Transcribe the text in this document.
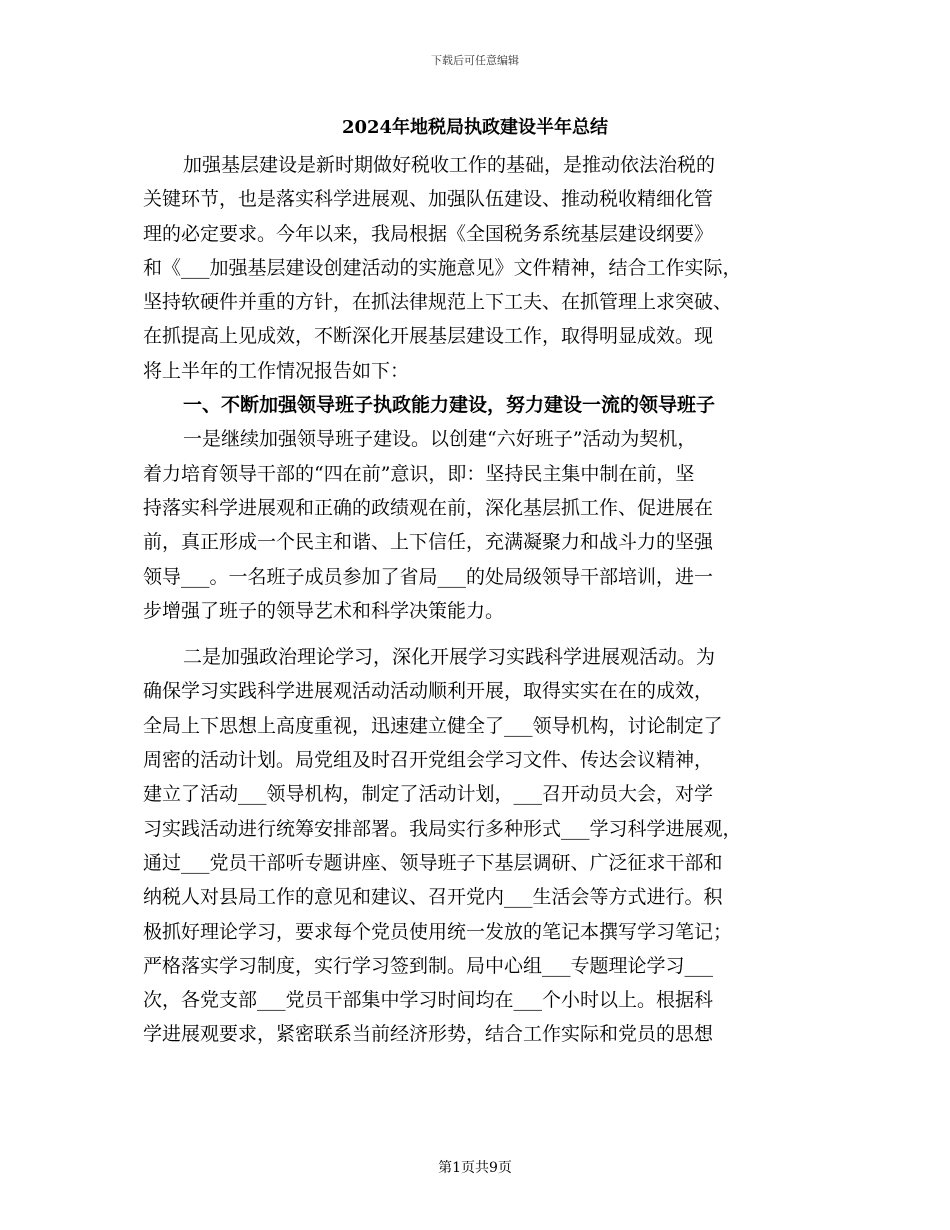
下载后可任意编辑
2024年地税局执政建设半年总结
加强基层建设是新时期做好税收工作的基础，是推动依法治税的
关键环节，也是落实科学进展观、加强队伍建设、推动税收精细化管
理的必定要求。今年以来，我局根据《全国税务系统基层建设纲要》
和《___加强基层建设创建活动的实施意见》文件精神，结合工作实际，
坚持软硬件并重的方针，在抓法律规范上下工夫、在抓管理上求突破、
在抓提高上见成效，不断深化开展基层建设工作，取得明显成效。现
将上半年的工作情况报告如下：
一、不断加强领导班子执政能力建设，努力建设一流的领导班子
一是继续加强领导班子建设。以创建“六好班子”活动为契机，
着力培育领导干部的“四在前”意识，即：坚持民主集中制在前，坚
持落实科学进展观和正确的政绩观在前，深化基层抓工作、促进展在
前，真正形成一个民主和谐、上下信任，充满凝聚力和战斗力的坚强
领导___。一名班子成员参加了省局___的处局级领导干部培训，进一
步增强了班子的领导艺术和科学决策能力。
二是加强政治理论学习，深化开展学习实践科学进展观活动。为
确保学习实践科学进展观活动活动顺利开展，取得实实在在的成效，
全局上下思想上高度重视，迅速建立健全了___领导机构，讨论制定了
周密的活动计划。局党组及时召开党组会学习文件、传达会议精神，
建立了活动___领导机构，制定了活动计划，___召开动员大会，对学
习实践活动进行统筹安排部署。我局实行多种形式___学习科学进展观，
通过___党员干部听专题讲座、领导班子下基层调研、广泛征求干部和
纳税人对县局工作的意见和建议、召开党内___生活会等方式进行。积
极抓好理论学习，要求每个党员使用统一发放的笔记本撰写学习笔记；
严格落实学习制度，实行学习签到制。局中心组___专题理论学习___
次，各党支部___党员干部集中学习时间均在___个小时以上。根据科
学进展观要求，紧密联系当前经济形势，结合工作实际和党员的思想
第1页共9页
